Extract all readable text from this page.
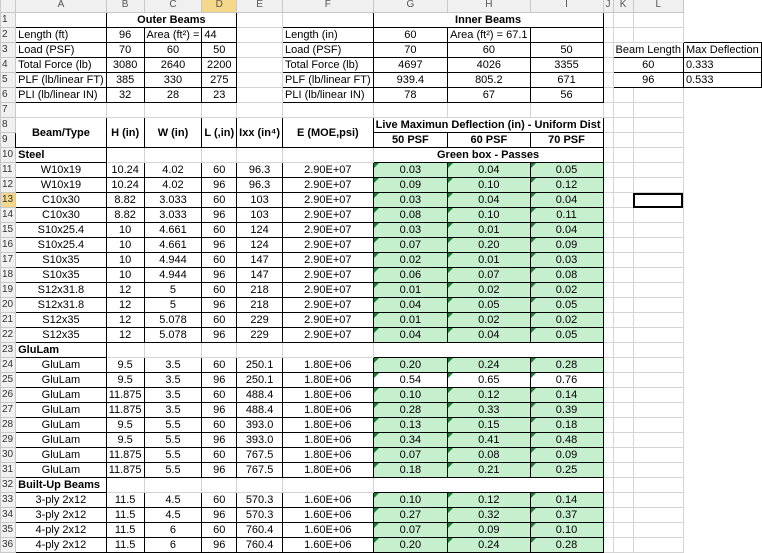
	A	B	C	D	E	F	G	H	I	J	K	L	
1		Outer Beams					Inner Beams						
2	Length (ft)	96	Area (ft²) =	44		Length (in)	60	Area (ft²) = 67.1					
3	Load (PSF)	70	60	50		Load (PSF)	70	60	50		Beam Length		Max Deflection
4	Total Force (lb)	3080	2640	2200		Total Force (lb)	4697	4026	3355		60		0.333
5	PLF (lb/linear FT)	385	330	275		PLF (lb/linear FT)	939.4	805.2	671		96		0.533
6	PLI (lb/linear IN)	32	28	23		PLI (lb/linear IN)	78	67	56				
7													
8	Beam/Type	H (in)	W (in)	L (,in)	Ixx (in⁴)	E (MOE,psi)	Live Maximun Deflection (in) - Uniform Dist						
9							50 PSF	60 PSF	70 PSF				
10	Steel						Green box - Passes						
11	W10x19	10.24	4.02	60	96.3	2.90E+07	0.03	0.04	0.05				
12	W10x19	10.24	4.02	96	96.3	2.90E+07	0.09	0.10	0.12				
13	C10x30	8.82	3.033	60	103	2.90E+07	0.03	0.04	0.04				
14	C10x30	8.82	3.033	96	103	2.90E+07	0.08	0.10	0.11				
15	S10x25.4	10	4.661	60	124	2.90E+07	0.03	0.01	0.04				
16	S10x25.4	10	4.661	96	124	2.90E+07	0.07	0.20	0.09				
17	S10x35	10	4.944	60	147	2.90E+07	0.02	0.01	0.03				
18	S10x35	10	4.944	96	147	2.90E+07	0.06	0.07	0.08				
19	S12x31.8	12	5	60	218	2.90E+07	0.01	0.02	0.02				
20	S12x31.8	12	5	96	218	2.90E+07	0.04	0.05	0.05				
21	S12x35	12	5.078	60	229	2.90E+07	0.01	0.02	0.02				
22	S12x35	12	5.078	96	229	2.90E+07	0.04	0.04	0.05				
23	GluLam												
24	GluLam	9.5	3.5	60	250.1	1.80E+06	0.20	0.24	0.28				
25	GluLam	9.5	3.5	96	250.1	1.80E+06	0.54	0.65	0.76				
26	GluLam	11.875	3.5	60	488.4	1.80E+06	0.10	0.12	0.14				
27	GluLam	11.875	3.5	96	488.4	1.80E+06	0.28	0.33	0.39				
28	GluLam	9.5	5.5	60	393.0	1.80E+06	0.13	0.15	0.18				
29	GluLam	9.5	5.5	96	393.0	1.80E+06	0.34	0.41	0.48				
30	GluLam	11.875	5.5	60	767.5	1.80E+06	0.07	0.08	0.09				
31	GluLam	11.875	5.5	96	767.5	1.80E+06	0.18	0.21	0.25				
32	Built-Up Beams												
33	3-ply 2x12	11.5	4.5	60	570.3	1.60E+06	0.10	0.12	0.14				
34	3-ply 2x12	11.5	4.5	96	570.3	1.60E+06	0.27	0.32	0.37				
35	4-ply 2x12	11.5	6	60	760.4	1.60E+06	0.07	0.09	0.10				
36	4-ply 2x12	11.5	6	96	760.4	1.60E+06	0.20	0.24	0.28				
